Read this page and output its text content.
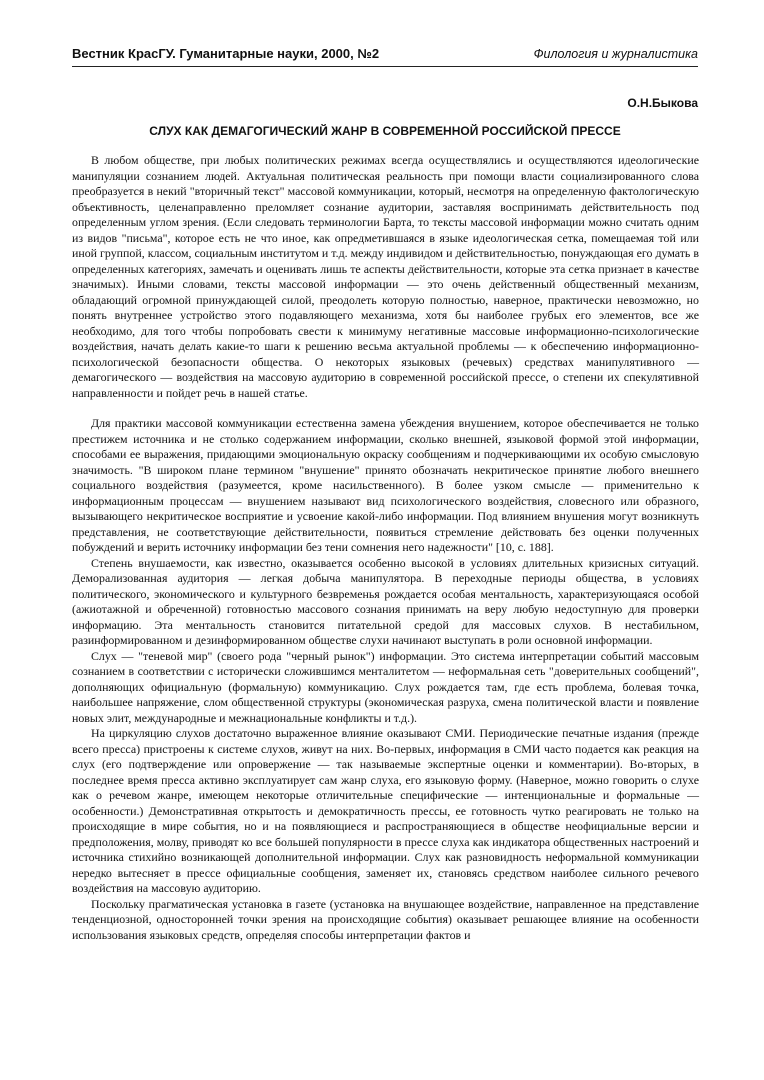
Вестник КрасГУ. Гуманитарные науки, 2000, №2	Филология и журналистика
О.Н.Быкова
СЛУХ КАК ДЕМАГОГИЧЕСКИЙ ЖАНР В СОВРЕМЕННОЙ РОССИЙСКОЙ ПРЕССЕ

В любом обществе, при любых политических режимах всегда осуществлялись и осуществляются идеологические манипуляции сознанием людей. Актуальная политическая реальность при помощи власти социализированного слова преобразуется в некий "вторичный текст" массовой коммуникации, который, несмотря на определенную фактологическую объективность, целенаправленно преломляет сознание аудитории, заставляя воспринимать действительность под определенным углом зрения. (Если следовать терминологии Барта, то тексты массовой информации можно считать одним из видов "письма", которое есть не что иное, как опредметившаяся в языке идеологическая сетка, помещаемая той или иной группой, классом, социальным институтом и т.д. между индивидом и действительностью, понуждающая его думать в определенных категориях, замечать и оценивать лишь те аспекты действительности, которые эта сетка признает в качестве значимых). Иными словами, тексты массовой информации — это очень действенный общественный механизм, обладающий огромной принуждающей силой, преодолеть которую полностью, наверное, практически невозможно, но понять внутреннее устройство этого подавляющего механизма, хотя бы наиболее грубых его элементов, все же необходимо, для того чтобы попробовать свести к минимуму негативные массовые информационно-психологические воздействия, начать делать какие-то шаги к решению весьма актуальной проблемы — к обеспечению информационно-психологической безопасности общества. О некоторых языковых (речевых) средствах манипулятивного — демагогического — воздействия на массовую аудиторию в современной российской прессе, о степени их спекулятивной направленности и пойдет речь в нашей статье.

Для практики массовой коммуникации естественна замена убеждения внушением, которое обеспечивается не только престижем источника и не столько содержанием информации, сколько внешней, языковой формой этой информации, способами ее выражения, придающими эмоциональную окраску сообщениям и подчеркивающими их особую смысловую значимость. "В широком плане термином "внушение" принято обозначать некритическое принятие любого внешнего социального воздействия (разумеется, кроме насильственного). В более узком смысле — применительно к информационным процессам — внушением называют вид психологического воздействия, словесного или образного, вызывающего некритическое восприятие и усвоение какой-либо информации. Под влиянием внушения могут возникнуть представления, не соответствующие действительности, появиться стремление действовать без оценки полученных побуждений и верить источнику информации без тени сомнения него надежности" [10, с. 188].

Степень внушаемости, как известно, оказывается особенно высокой в условиях длительных кризисных ситуаций. Деморализованная аудитория — легкая добыча манипулятора. В переходные периоды общества, в условиях политического, экономического и культурного безвременья рождается особая ментальность, характеризующаяся особой (ажиотажной и обреченной) готовностью массового сознания принимать на веру любую недоступную для проверки информацию. Эта ментальность становится питательной средой для массовых слухов. В нестабильном, разинформированном и дезинформированном обществе слухи начинают выступать в роли основной информации.

Слух — "теневой мир" (своего рода "черный рынок") информации. Это система интерпретации событий массовым сознанием в соответствии с исторически сложившимся менталитетом — неформальная сеть "доверительных сообщений", дополняющих официальную (формальную) коммуникацию. Слух рождается там, где есть проблема, болевая точка, наибольшее напряжение, слом общественной структуры (экономическая разруха, смена политической власти и появление новых элит, международные и межнациональные конфликты и т.д.).

На циркуляцию слухов достаточно выраженное влияние оказывают СМИ. Периодические печатные издания (прежде всего пресса) пристроены к системе слухов, живут на них. Во-первых, информация в СМИ часто подается как реакция на слух (его подтверждение или опровержение — так называемые экспертные оценки и комментарии). Во-вторых, в последнее время пресса активно эксплуатирует сам жанр слуха, его языковую форму. (Наверное, можно говорить о слухе как о речевом жанре, имеющем некоторые отличительные специфические — интенциональные и формальные — особенности.) Демонстративная открытость и демократичность прессы, ее готовность чутко реагировать не только на происходящие в мире события, но и на появляющиеся и распространяющиеся в обществе неофициальные версии и предположения, молву, приводят ко все большей популярности в прессе слуха как индикатора общественных настроений и источника стихийно возникающей дополнительной информации. Слух как разновидность неформальной коммуникации нередко вытесняет в прессе официальные сообщения, заменяет их, становясь средством наиболее сильного речевого воздействия на массовую аудиторию.

Поскольку прагматическая установка в газете (установка на внушающее воздействие, направленное на представление тенденциозной, односторонней точки зрения на происходящие события) оказывает решающее влияние на особенности использования языковых средств, определяя способы интерпретации фактов и
